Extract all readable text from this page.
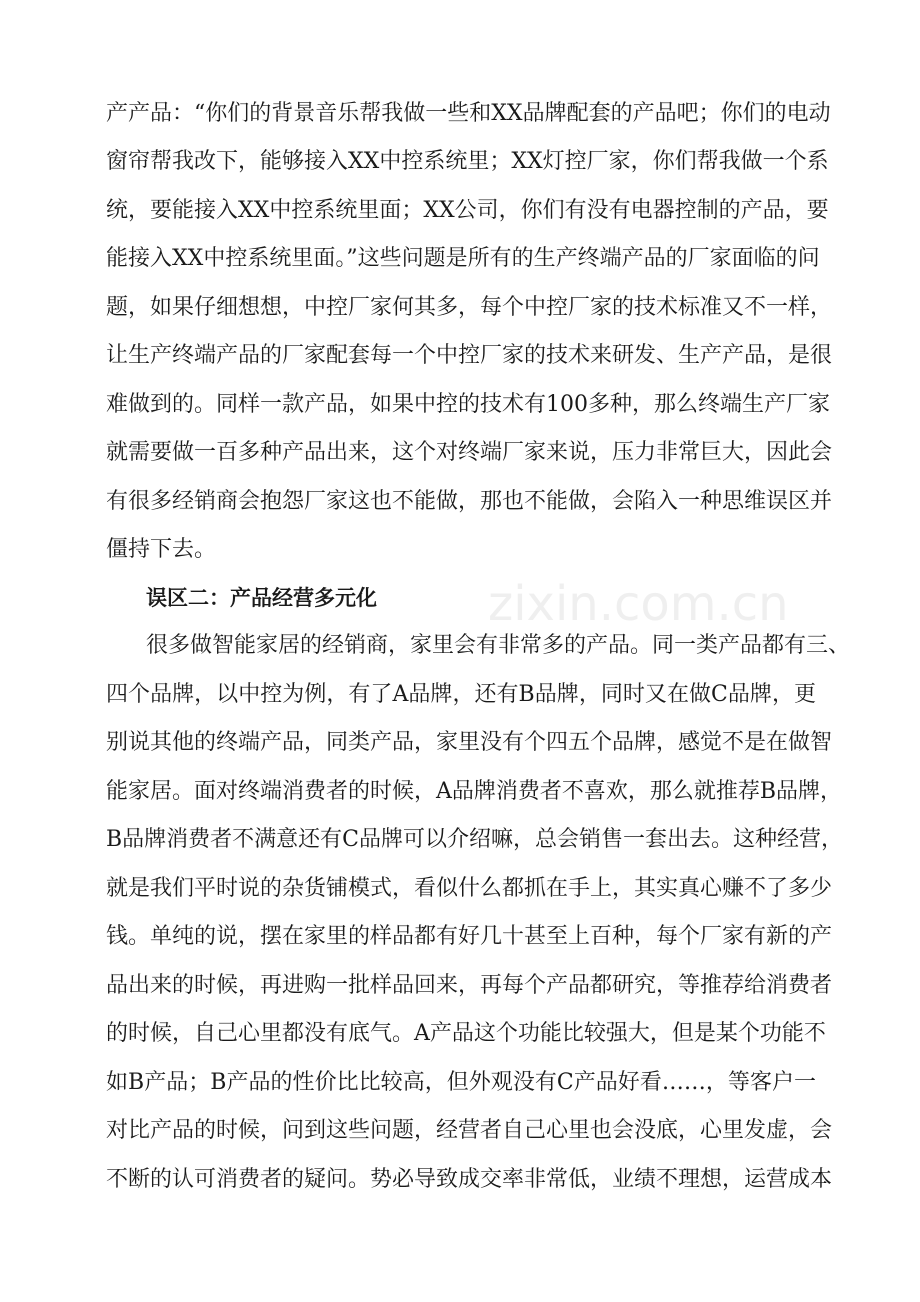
产产品：“你们的背景音乐帮我做一些和XX品牌配套的产品吧；你们的电动
窗帘帮我改下，能够接入XX中控系统里；XX灯控厂家，你们帮我做一个系
统，要能接入XX中控系统里面；XX公司，你们有没有电器控制的产品，要
能接入XX中控系统里面。”这些问题是所有的生产终端产品的厂家面临的问
题，如果仔细想想，中控厂家何其多，每个中控厂家的技术标准又不一样，
让生产终端产品的厂家配套每一个中控厂家的技术来研发、生产产品，是很
难做到的。同样一款产品，如果中控的技术有100多种，那么终端生产厂家
就需要做一百多种产品出来，这个对终端厂家来说，压力非常巨大，因此会
有很多经销商会抱怨厂家这也不能做，那也不能做，会陷入一种思维误区并
僵持下去。
误区二：产品经营多元化
很多做智能家居的经销商，家里会有非常多的产品。同一类产品都有三、
四个品牌，以中控为例，有了A品牌，还有B品牌，同时又在做C品牌，更
别说其他的终端产品，同类产品，家里没有个四五个品牌，感觉不是在做智
能家居。面对终端消费者的时候，A品牌消费者不喜欢，那么就推荐B品牌，
B品牌消费者不满意还有C品牌可以介绍嘛，总会销售一套出去。这种经营，
就是我们平时说的杂货铺模式，看似什么都抓在手上，其实真心赚不了多少
钱。单纯的说，摆在家里的样品都有好几十甚至上百种，每个厂家有新的产
品出来的时候，再进购一批样品回来，再每个产品都研究，等推荐给消费者
的时候，自己心里都没有底气。A产品这个功能比较强大，但是某个功能不
如B产品；B产品的性价比比较高，但外观没有C产品好看……，等客户一
对比产品的时候，问到这些问题，经营者自己心里也会没底，心里发虚，会
不断的认可消费者的疑问。势必导致成交率非常低，业绩不理想，运营成本
zixin.com.cn
